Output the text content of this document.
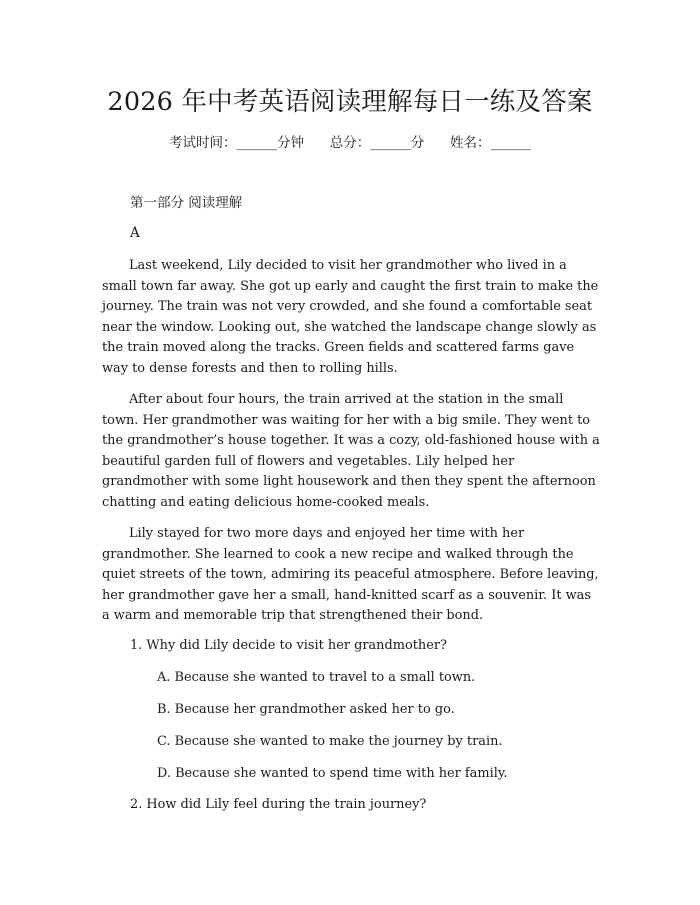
2026 年中考英语阅读理解每日一练及答案
考试时间：______分钟      总分：______分      姓名：______
第一部分 阅读理解
A

Last weekend, Lily decided to visit her grandmother who lived in a small town far away. She got up early and caught the first train to make the journey. The train was not very crowded, and she found a comfortable seat near the window. Looking out, she watched the landscape change slowly as the train moved along the tracks. Green fields and scattered farms gave way to dense forests and then to rolling hills.

After about four hours, the train arrived at the station in the small town. Her grandmother was waiting for her with a big smile. They went to the grandmother’s house together. It was a cozy, old-fashioned house with a beautiful garden full of flowers and vegetables. Lily helped her grandmother with some light housework and then they spent the afternoon chatting and eating delicious home-cooked meals.

Lily stayed for two more days and enjoyed her time with her grandmother. She learned to cook a new recipe and walked through the quiet streets of the town, admiring its peaceful atmosphere. Before leaving, her grandmother gave her a small, hand-knitted scarf as a souvenir. It was a warm and memorable trip that strengthened their bond.

1. Why did Lily decide to visit her grandmother?
A. Because she wanted to travel to a small town.
B. Because her grandmother asked her to go.
C. Because she wanted to make the journey by train.
D. Because she wanted to spend time with her family.
2. How did Lily feel during the train journey?
